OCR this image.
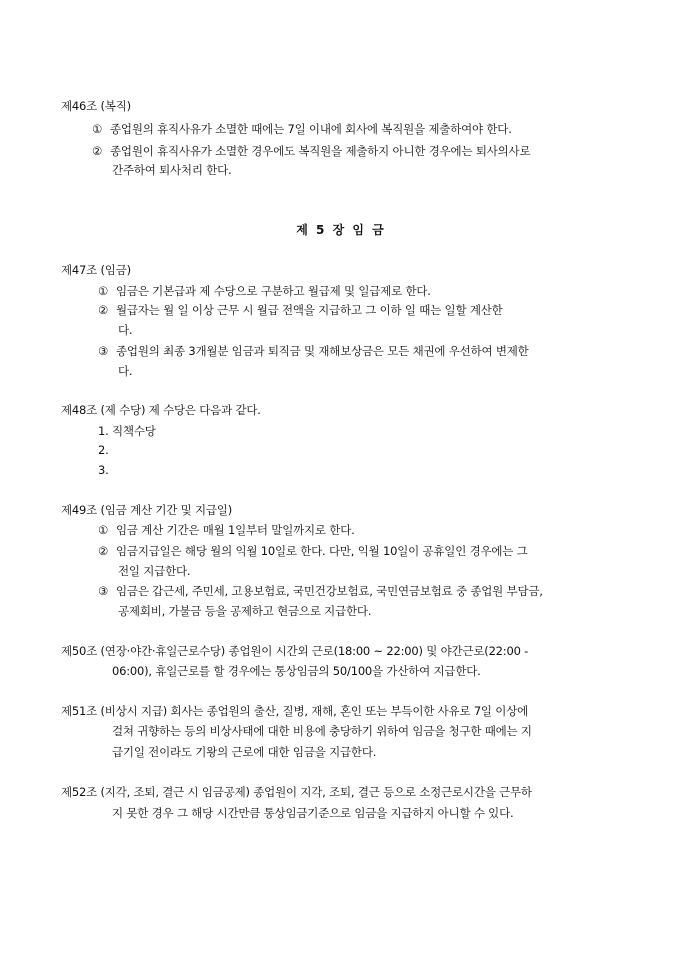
제46조 (복직)
① 종업원의 휴직사유가 소멸한 때에는 7일 이내에 회사에 복직원을 제출하여야 한다.
② 종업원이 휴직사유가 소멸한 경우에도 복직원을 제출하지 아니한 경우에는 퇴사의사로
간주하여 퇴사처리 한다.
제 5 장 임 금
제47조 (임금)
① 임금은 기본급과 제 수당으로 구분하고 월급제 및 일급제로 한다.
② 월급자는 월 일 이상 근무 시 월급 전액을 지급하고 그 이하 일 때는 일할 계산한
다.
③ 종업원의 최종 3개월분 임금과 퇴직금 및 재해보상금은 모든 채권에 우선하여 변제한
다.
제48조 (제 수당) 제 수당은 다음과 같다.
1. 직책수당
2.
3.
제49조 (임금 계산 기간 및 지급일)
① 임금 계산 기간은 매월 1일부터 말일까지로 한다.
② 임금지급일은 해당 월의 익월 10일로 한다. 다만, 익월 10일이 공휴일인 경우에는 그
전일 지급한다.
③ 임금은 갑근세, 주민세, 고용보험료, 국민건강보험료, 국민연금보험료 중 종업원 부담금,
공제회비, 가불금 등을 공제하고 현금으로 지급한다.
제50조 (연장·야간·휴일근로수당) 종업원이 시간외 근로(18:00 ~ 22:00) 및 야간근로(22:00 -
06:00), 휴일근로를 할 경우에는 통상임금의 50/100을 가산하여 지급한다.
제51조 (비상시 지급) 회사는 종업원의 출산, 질병, 재해, 혼인 또는 부득이한 사유로 7일 이상에
걸쳐 귀향하는 등의 비상사태에 대한 비용에 충당하기 위하여 임금을 청구한 때에는 지
급기일 전이라도 기왕의 근로에 대한 임금을 지급한다.
제52조 (지각, 조퇴, 결근 시 임금공제) 종업원이 지각, 조퇴, 결근 등으로 소정근로시간을 근무하
지 못한 경우 그 해당 시간만큼 통상임금기준으로 임금을 지급하지 아니할 수 있다.
